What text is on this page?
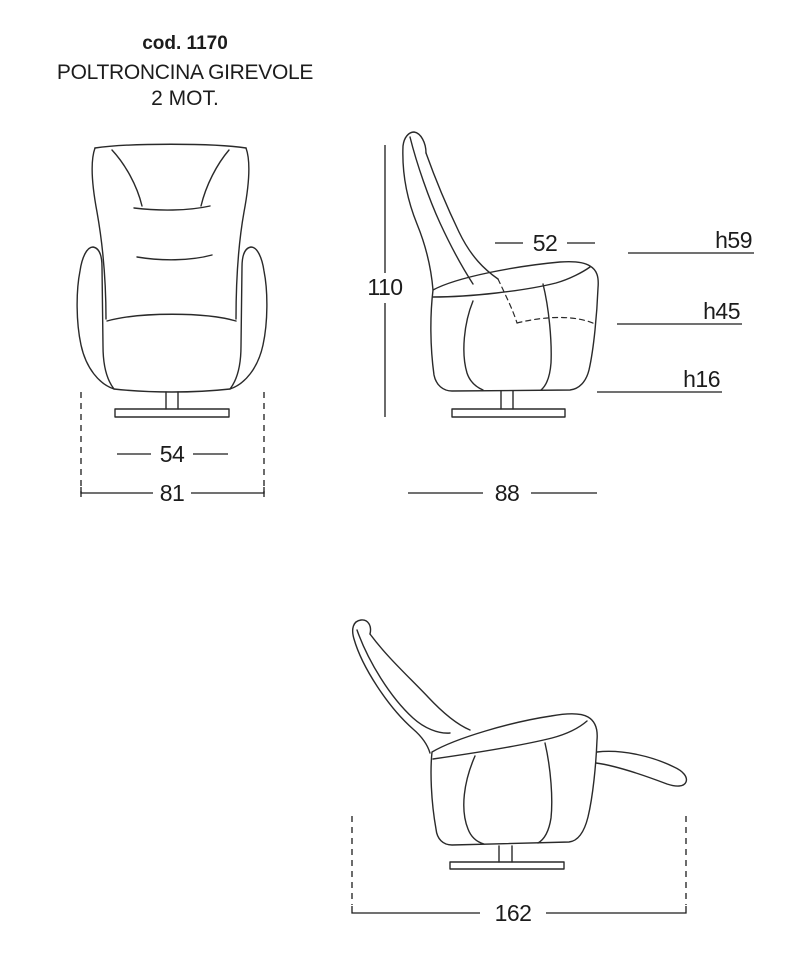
cod. 1170
POLTRONCINA GIREVOLE
2 MOT.
54
81
110
52	h59
h45
h16
88
162
